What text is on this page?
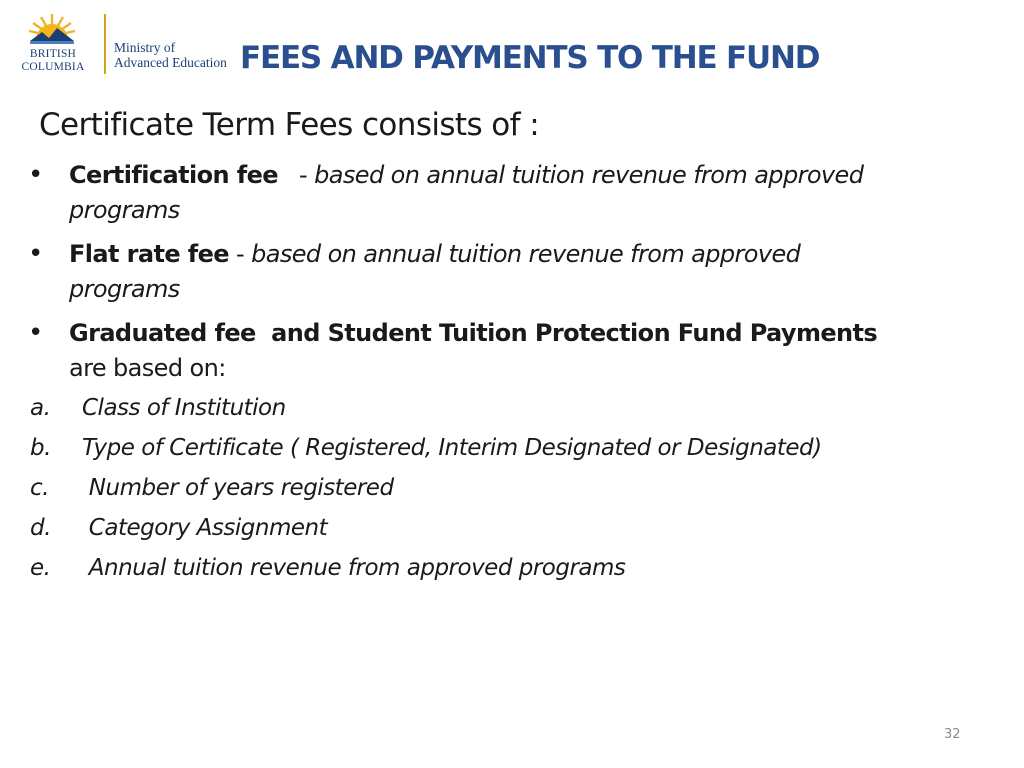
BRITISH
COLUMBIA
Ministry of
Advanced Education FEES AND PAYMENTS TO THE FUND
Certificate Term Fees consists of :
• Certification fee   - based on annual tuition revenue from approved
programs
• Flat rate fee - based on annual tuition revenue from approved
programs
• Graduated fee  and Student Tuition Protection Fund Payments
are based on:
a. Class of Institution
b. Type of Certificate ( Registered, Interim Designated or Designated)
c. Number of years registered
d. Category Assignment
e. Annual tuition revenue from approved programs
32
